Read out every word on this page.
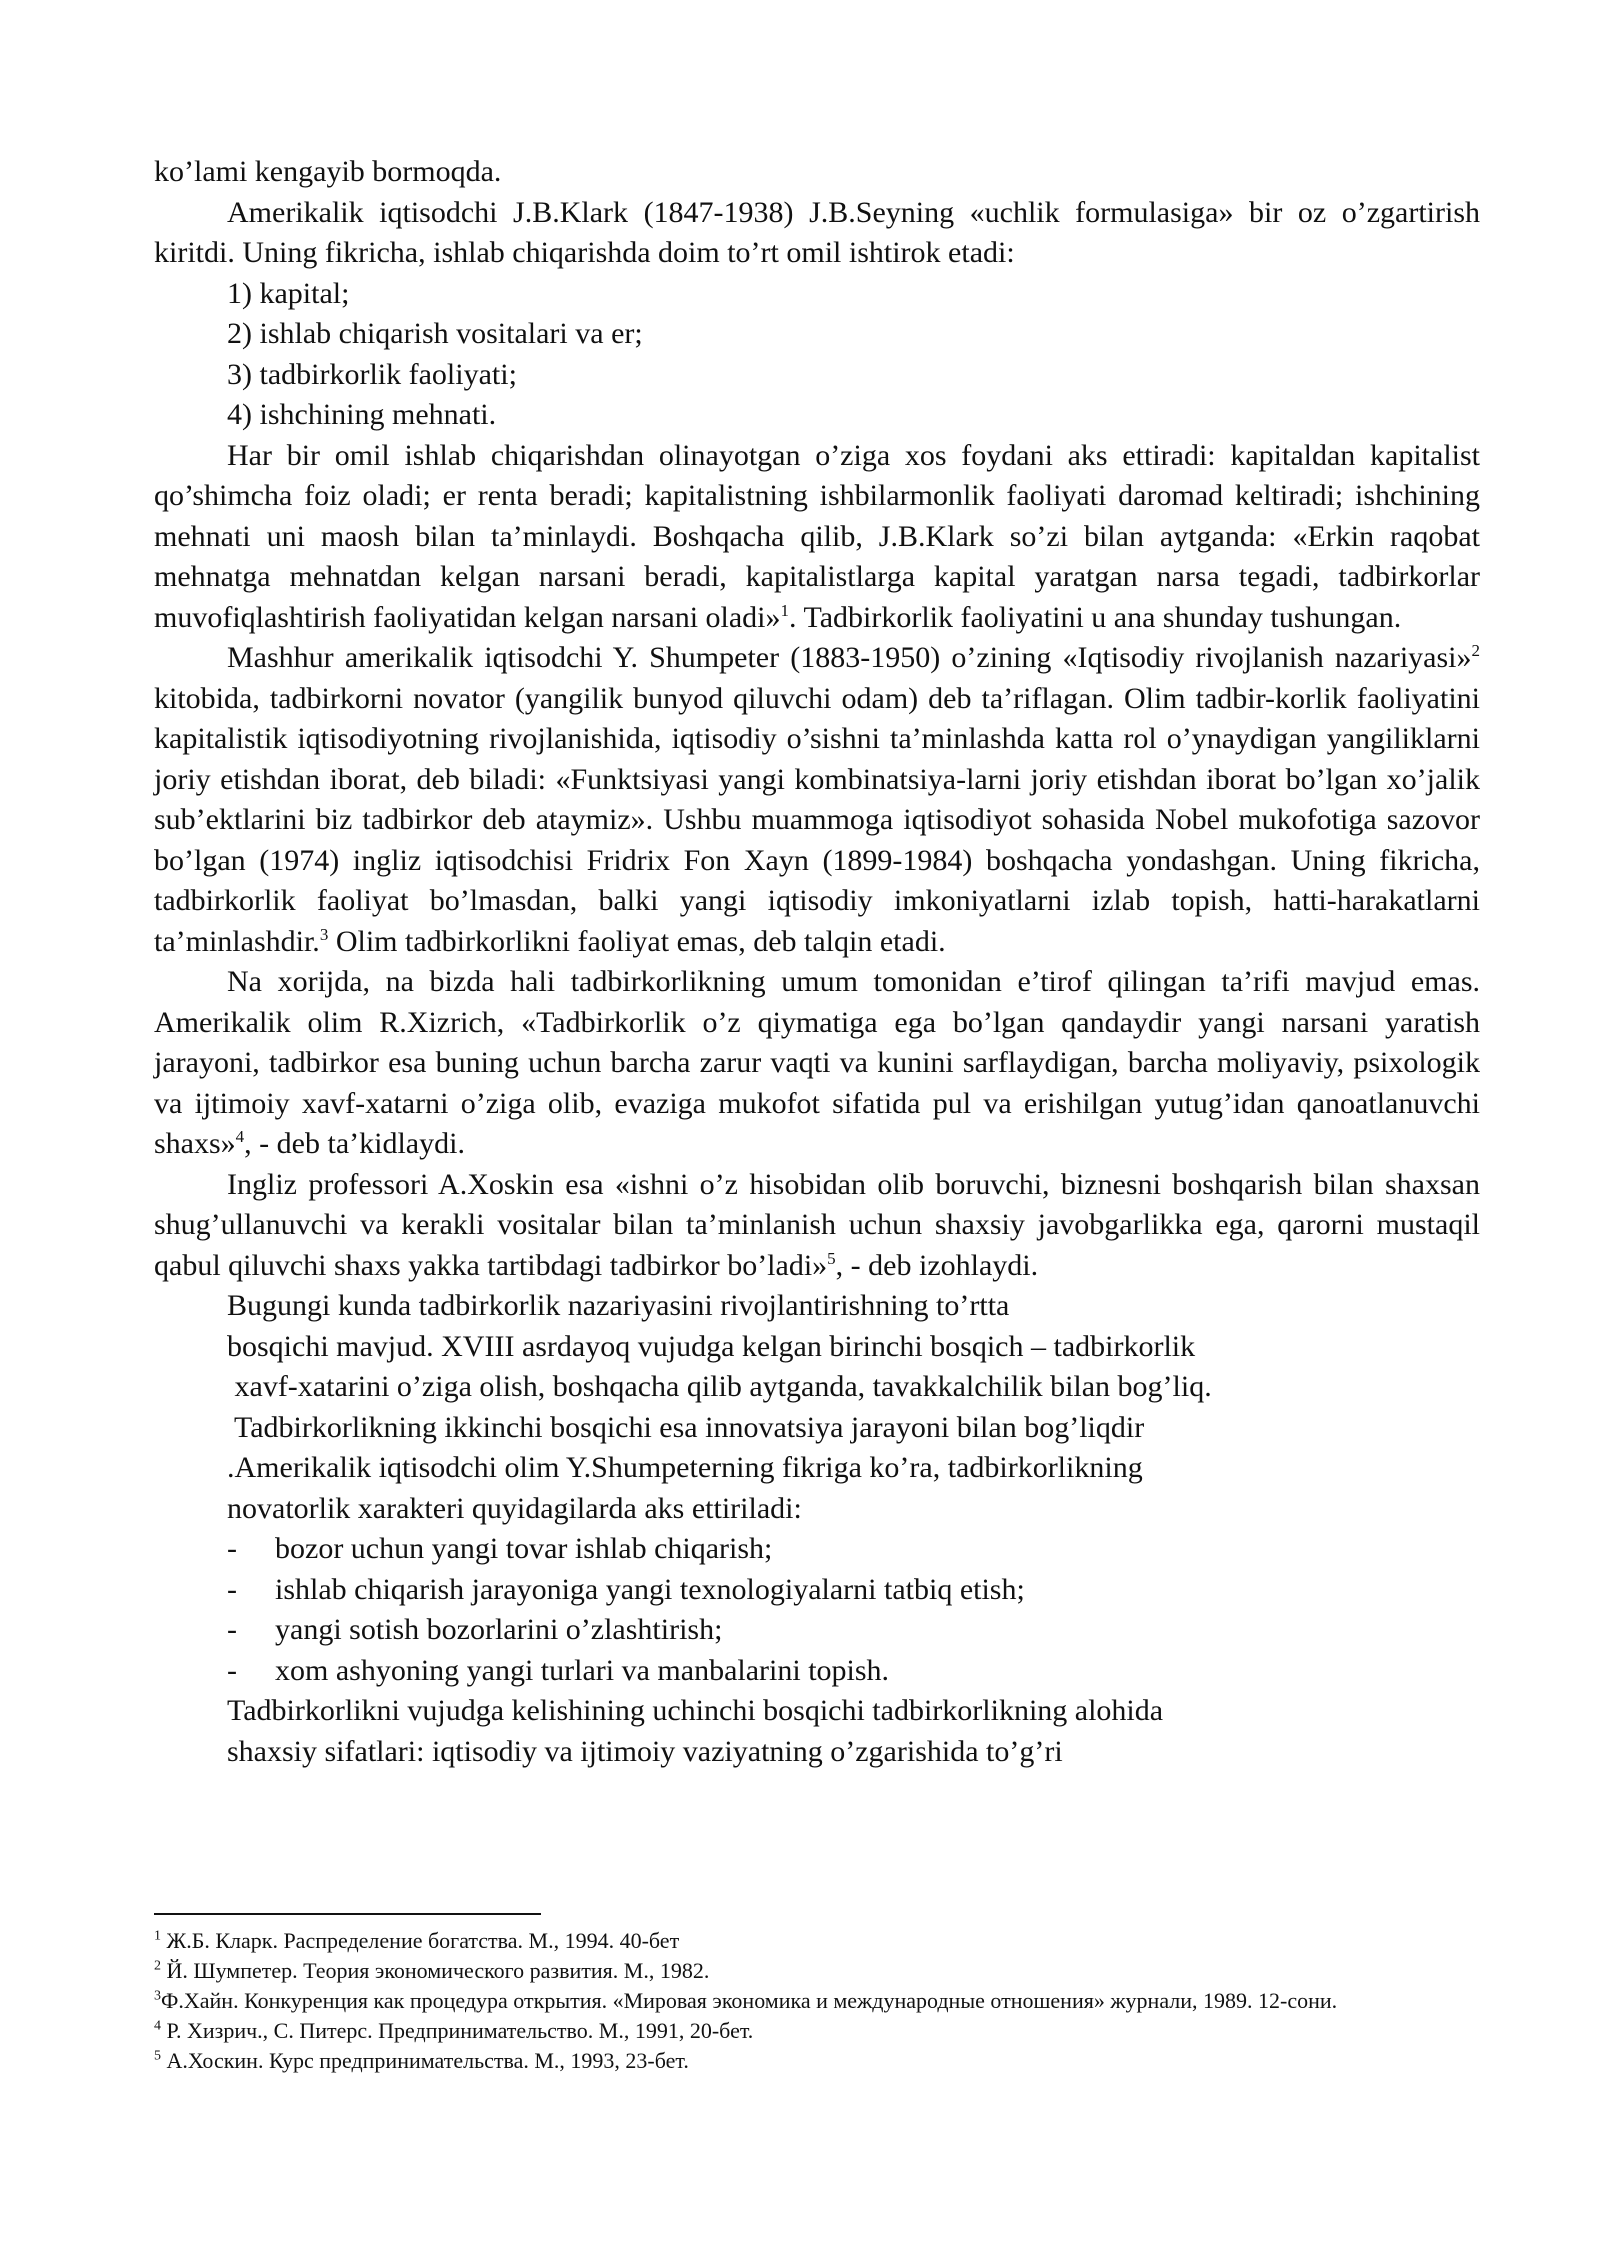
ko’lami kengayib bormoqda.

Amerikalik iqtisodchi J.B.Klark (1847-1938) J.B.Seyning «uchlik formulasiga» bir oz o’zgartirish kiritdi. Uning fikricha, ishlab chiqarishda doim to’rt omil ishtirok etadi:

1) kapital;

2) ishlab chiqarish vositalari va er;

3) tadbirkorlik faoliyati;

4) ishchining mehnati.

Har bir omil ishlab chiqarishdan olinayotgan o’ziga xos foydani aks ettiradi: kapitaldan kapitalist qo’shimcha foiz oladi; er renta beradi; kapitalistning ishbilarmonlik faoliyati daromad keltiradi; ishchining mehnati uni maosh bilan ta’minlaydi. Boshqacha qilib, J.B.Klark so’zi bilan aytganda: «Erkin raqobat mehnatga mehnatdan kelgan narsani beradi, kapitalistlarga kapital yaratgan narsa tegadi, tadbirkorlar muvofiqlashtirish faoliyatidan kelgan narsani oladi»$^1$. Tadbirkorlik faoliyatini u ana shunday tushungan.

Mashhur amerikalik iqtisodchi Y. Shumpeter (1883-1950) o’zining «Iqtisodiy rivojlanish nazariyasi»$^2$ kitobida, tadbirkorni novator (yangilik bunyod qiluvchi odam) deb ta’riflagan. Olim tadbir-korlik faoliyatini kapitalistik iqtisodiyotning rivojlanishida, iqtisodiy o’sishni ta’minlashda katta rol o’ynaydigan yangiliklarni joriy etishdan iborat, deb biladi: «Funktsiyasi yangi kombinatsiya-larni joriy etishdan iborat bo’lgan xo’jalik sub’ektlarini biz tadbirkor deb ataymiz». Ushbu muammoga iqtisodiyot sohasida Nobel mukofotiga sazovor bo’lgan (1974) ingliz iqtisodchisi Fridrix Fon Xayn (1899-1984) boshqacha yondashgan. Uning fikricha, tadbirkorlik faoliyat bo’lmasdan, balki yangi iqtisodiy imkoniyatlarni izlab topish, hatti-harakatlarni ta’minlashdir.$^3$ Olim tadbirkorlikni faoliyat emas, deb talqin etadi.

Na xorijda, na bizda hali tadbirkorlikning umum tomonidan e’tirof qilingan ta’rifi mavjud emas. Amerikalik olim R.Xizrich, «Tadbirkorlik o’z qiymatiga ega bo’lgan qandaydir yangi narsani yaratish jarayoni, tadbirkor esa buning uchun barcha zarur vaqti va kunini sarflaydigan, barcha moliyaviy, psixologik va ijtimoiy xavf-xatarni o’ziga olib, evaziga mukofot sifatida pul va erishilgan yutug’idan qanoatlanuvchi shaxs»$^4$, - deb ta’kidlaydi.

Ingliz professori A.Xoskin esa «ishni o’z hisobidan olib boruvchi, biznesni boshqarish bilan shaxsan shug’ullanuvchi va kerakli vositalar bilan ta’minlanish uchun shaxsiy javobgarlikka ega, qarorni mustaqil qabul qiluvchi shaxs yakka tartibdagi tadbirkor bo’ladi»$^5$, - deb izohlaydi.

Bugungi kunda tadbirkorlik nazariyasini rivojlantirishning to’rtta

bosqichi mavjud. XVIII asrdayoq vujudga kelgan birinchi bosqich – tadbirkorlik

xavf-xatarini o’ziga olish, boshqacha qilib aytganda, tavakkalchilik bilan bog’liq.

Tadbirkorlikning ikkinchi bosqichi esa innovatsiya jarayoni bilan bog’liqdir

.Amerikalik iqtisodchi olim Y.Shumpeterning fikriga ko’ra, tadbirkorlikning

novatorlik xarakteri quyidagilarda aks ettiriladi:

-	bozor uchun yangi tovar ishlab chiqarish;
-	ishlab chiqarish jarayoniga yangi texnologiyalarni tatbiq etish;
-	yangi sotish bozorlarini o’zlashtirish;
-	xom ashyoning yangi turlari va manbalarini topish.

Tadbirkorlikni vujudga kelishining uchinchi bosqichi tadbirkorlikning alohida

shaxsiy sifatlari: iqtisodiy va ijtimoiy vaziyatning o’zgarishida to’g’ri

$^1$ Ж.Б. Кларк. Распределение богатства. М., 1994. 40-бет

$^2$ Й. Шумпетер. Теория экономического развития. М., 1982.

$^3$Ф.Хайн. Конкуренция как процедура открытия. «Мировая экономика и международные отношения» журнали, 1989. 12-сони.

$^4$ Р. Хизрич., С. Питерс. Предпринимательство. М., 1991, 20-бет.

$^5$ А.Хоскин. Курс предпринимательства. М., 1993, 23-бет.
